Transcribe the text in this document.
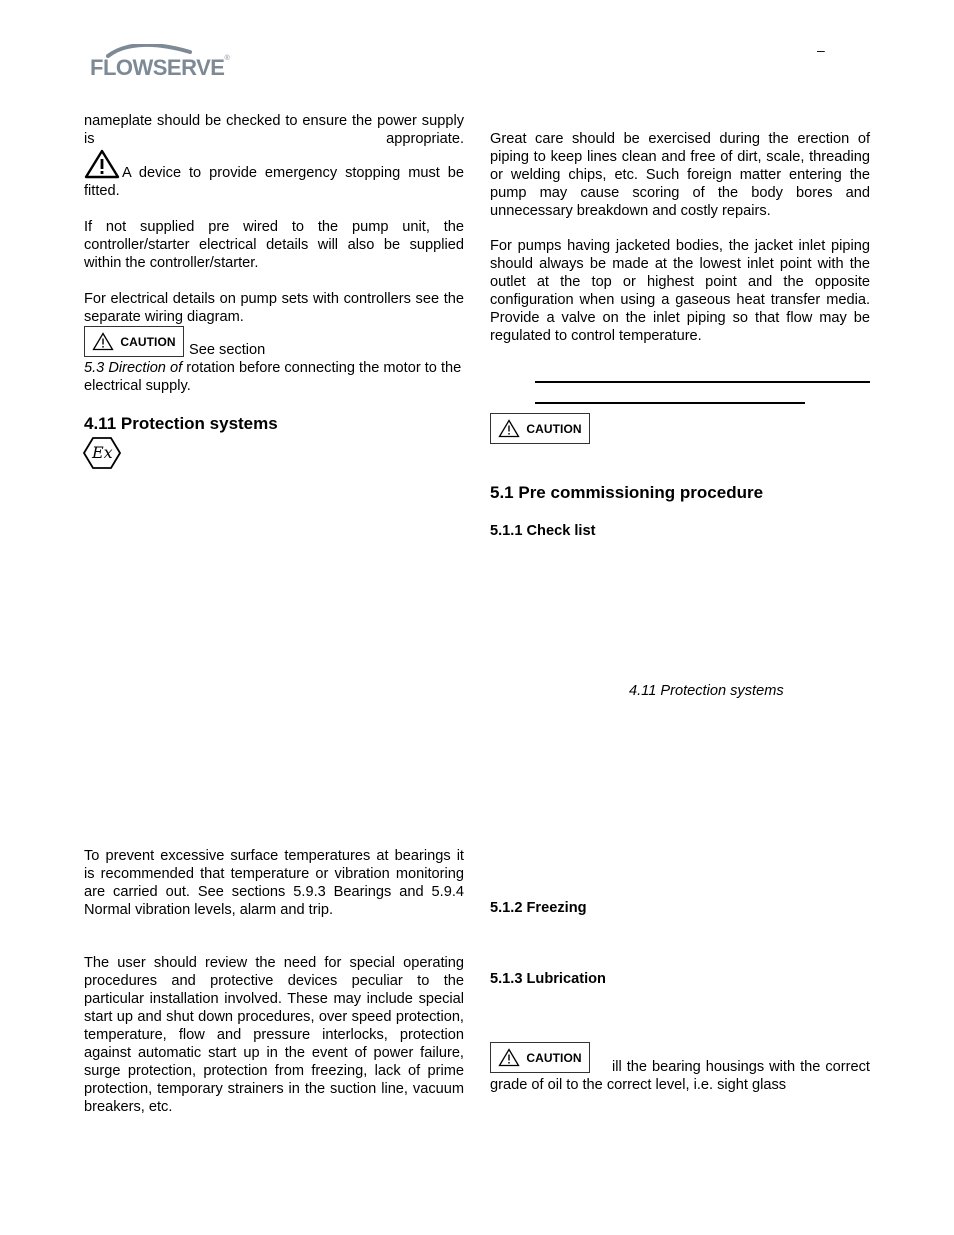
FLOWSERVE®
–

nameplate should be checked to ensure the power supply is appropriate.

A device to provide emergency stopping must be fitted.

If not supplied pre wired to the pump unit, the controller/starter electrical details will also be supplied within the controller/starter.

For electrical details on pump sets with controllers see the separate wiring diagram.

CAUTION
See section

5.3 Direction of rotation before connecting the motor to the electrical supply.

4.11 Protection systems
Ex

To prevent excessive surface temperatures at bearings it is recommended that temperature or vibration monitoring are carried out. See sections 5.9.3 Bearings and 5.9.4 Normal vibration levels, alarm and trip.

The user should review the need for special operating procedures and protective devices peculiar to the particular installation involved. These may include special start up and shut down procedures, over speed protection, temperature, flow and pressure interlocks, protection against automatic start up in the event of power failure, surge protection, protection from freezing, lack of prime protection, temporary strainers in the suction line, vacuum breakers, etc.

Great care should be exercised during the erection of piping to keep lines clean and free of dirt, scale, threading or welding chips, etc. Such foreign matter entering the pump may cause scoring of the body bores and unnecessary breakdown and costly repairs.

For pumps having jacketed bodies, the jacket inlet piping should always be made at the lowest inlet point with the outlet at the top or highest point and the opposite configuration when using a gaseous heat transfer media. Provide a valve on the inlet piping so that flow may be regulated to control temperature.

CAUTION
5.1 Pre commissioning procedure
5.1.1 Check list
4.11 Protection systems
5.1.2 Freezing
5.1.3 Lubrication
CAUTION

ill the bearing housings with the correct grade of oil to the correct level, i.e. sight glass
